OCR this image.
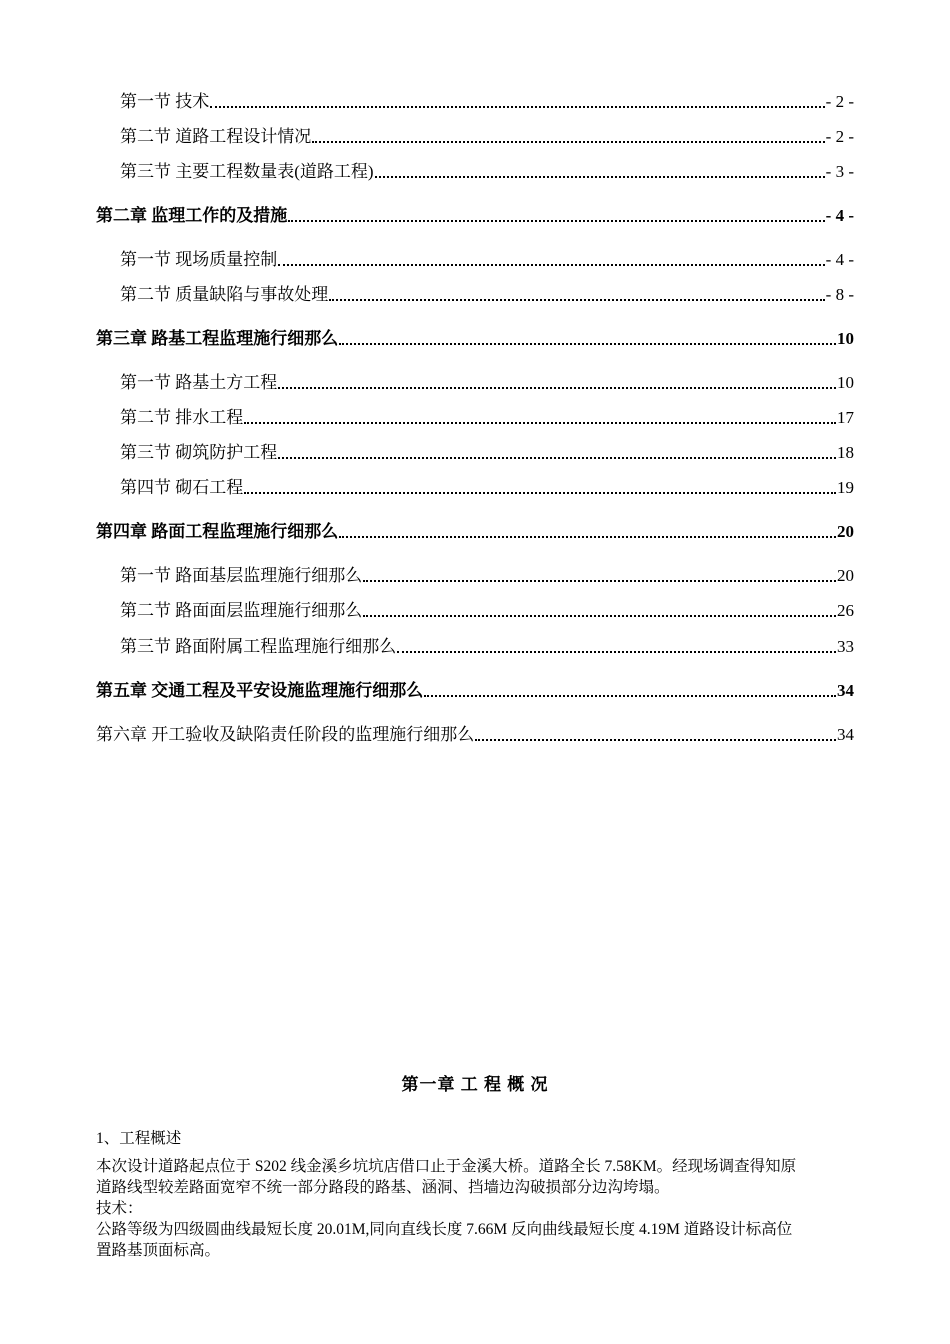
第一节 技术	- 2 -
第二节 道路工程设计情况	- 2 -
第三节 主要工程数量表(道路工程)	- 3 -
第二章 监理工作的及措施	- 4 -
第一节 现场质量控制	- 4 -
第二节 质量缺陷与事故处理	- 8 -
第三章 路基工程监理施行细那么	10
第一节 路基土方工程	10
第二节 排水工程	17
第三节 砌筑防护工程	18
第四节 砌石工程	19
第四章 路面工程监理施行细那么	20
第一节 路面基层监理施行细那么	20
第二节 路面面层监理施行细那么	26
第三节 路面附属工程监理施行细那么	33
第五章 交通工程及平安设施监理施行细那么	34
第六章 开工验收及缺陷责任阶段的监理施行细那么	34
第一章 工 程 概 况
1、工程概述
本次设计道路起点位于 S202 线金溪乡坑坑店借口止于金溪大桥。道路全长 7.58KM。经现场调查得知原
道路线型较差路面宽窄不统一部分路段的路基、涵洞、挡墙边沟破损部分边沟垮塌。
技术：
公路等级为四级圆曲线最短长度 20.01M,同向直线长度 7.66M 反向曲线最短长度 4.19M 道路设计标高位
置路基顶面标高。
